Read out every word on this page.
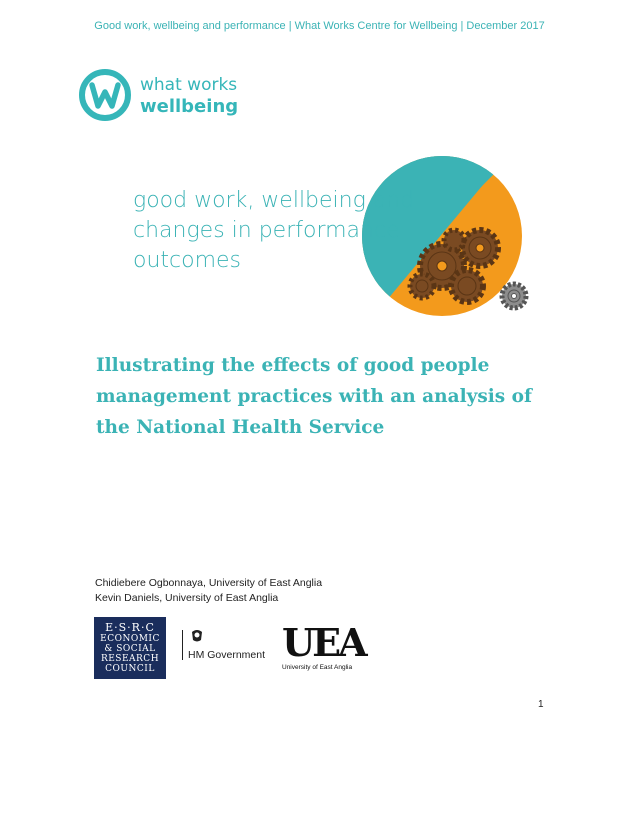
Good work, wellbeing and performance | What Works Centre for Wellbeing | December 2017
what works
wellbeing
good work, wellbeing and
changes in performance
outcomes
Illustrating the effects of good people
management practices with an analysis of
the National Health Service
Chidiebere Ogbonnaya, University of East Anglia
Kevin Daniels, University of East Anglia
E·S·R·C
ECONOMIC
& SOCIAL
RESEARCH
COUNCIL
HM Government UEA
University of East Anglia
1
